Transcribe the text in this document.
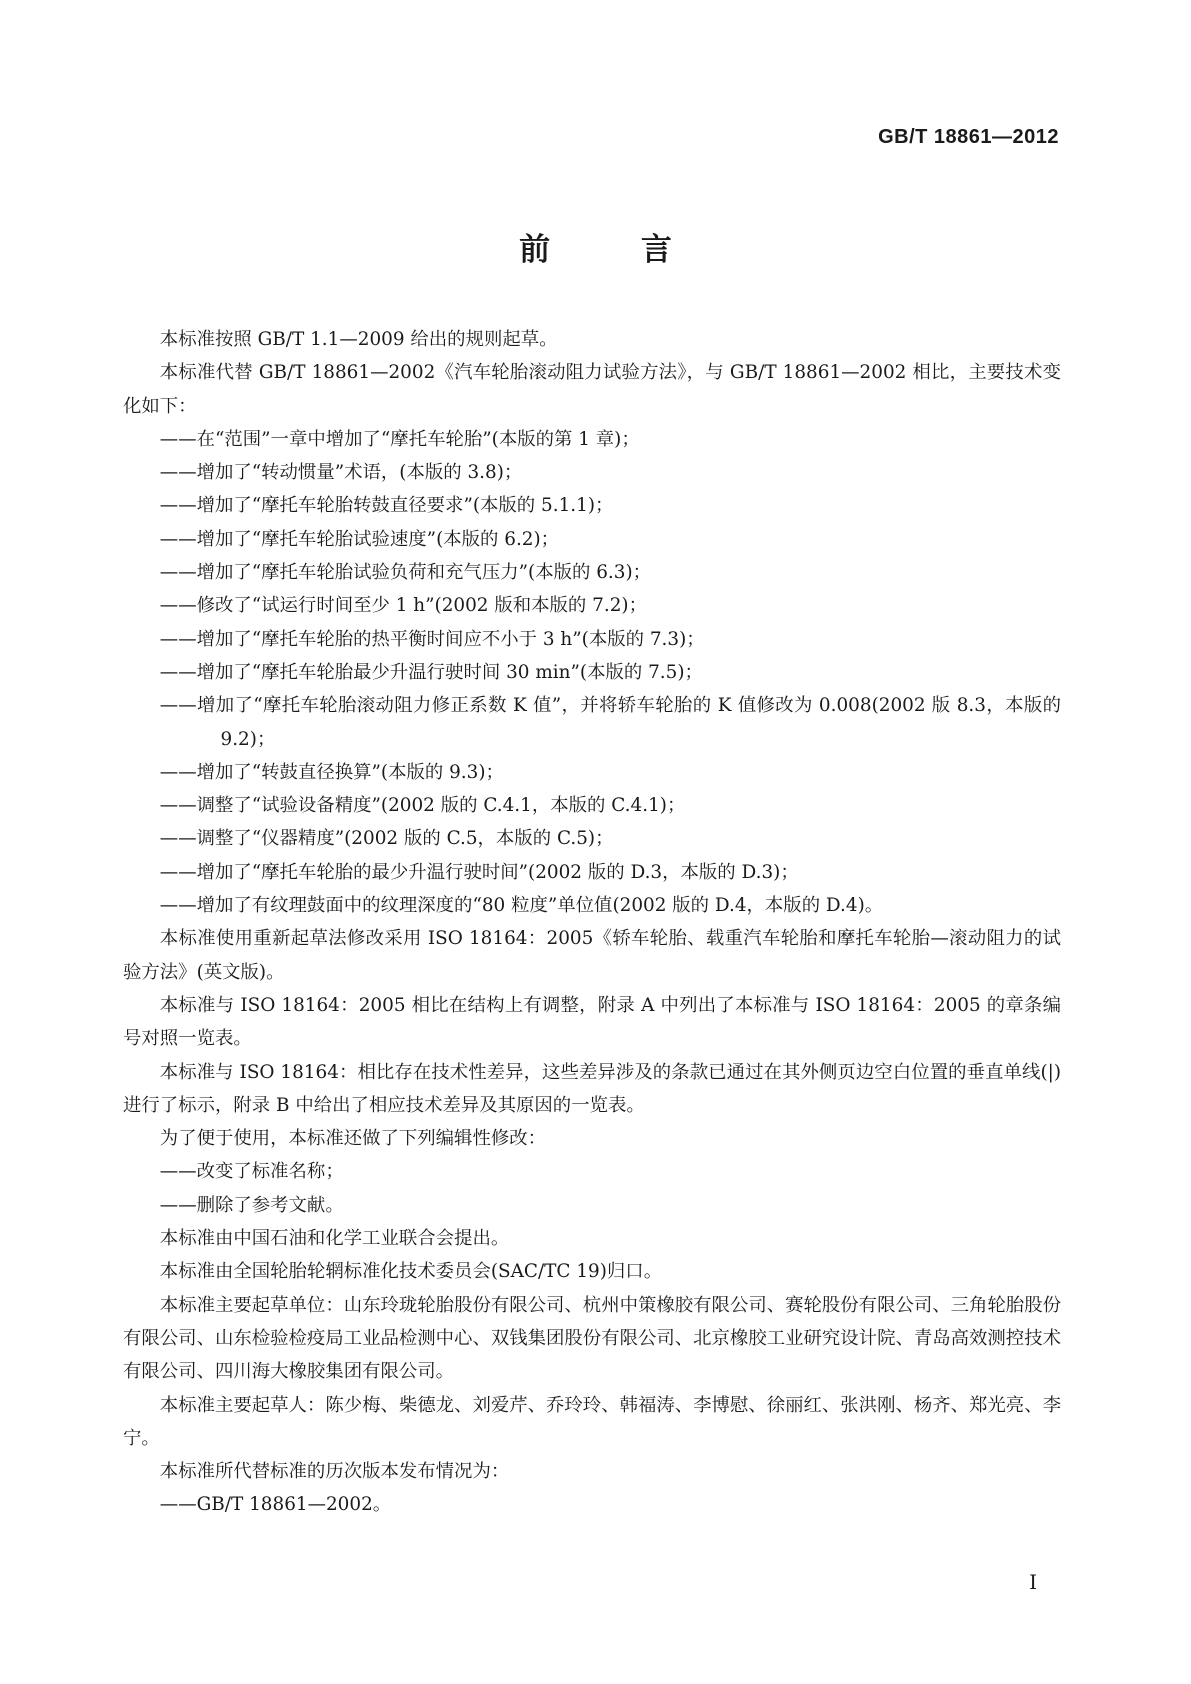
GB/T 18861—2012
前 言

本标准按照 GB/T 1.1—2009 给出的规则起草。

本标准代替 GB/T 18861—2002《汽车轮胎滚动阻力试验方法》，与 GB/T 18861—2002 相比，主要技术变化如下：

——在“范围”一章中增加了“摩托车轮胎”(本版的第 1 章)；

——增加了“转动惯量”术语，(本版的 3.8)；

——增加了“摩托车轮胎转鼓直径要求”(本版的 5.1.1)；

——增加了“摩托车轮胎试验速度”(本版的 6.2)；

——增加了“摩托车轮胎试验负荷和充气压力”(本版的 6.3)；

——修改了“试运行时间至少 1 h”(2002 版和本版的 7.2)；

——增加了“摩托车轮胎的热平衡时间应不小于 3 h”(本版的 7.3)；

——增加了“摩托车轮胎最少升温行驶时间 30 min”(本版的 7.5)；

——增加了“摩托车轮胎滚动阻力修正系数 K 值”，并将轿车轮胎的 K 值修改为 0.008(2002 版 8.3，本版的 9.2)；

——增加了“转鼓直径换算”(本版的 9.3)；

——调整了“试验设备精度”(2002 版的 C.4.1，本版的 C.4.1)；

——调整了“仪器精度”(2002 版的 C.5，本版的 C.5)；

——增加了“摩托车轮胎的最少升温行驶时间”(2002 版的 D.3，本版的 D.3)；

——增加了有纹理鼓面中的纹理深度的“80 粒度”单位值(2002 版的 D.4，本版的 D.4)。

本标准使用重新起草法修改采用 ISO 18164：2005《轿车轮胎、载重汽车轮胎和摩托车轮胎—滚动阻力的试验方法》(英文版)。

本标准与 ISO 18164：2005 相比在结构上有调整，附录 A 中列出了本标准与 ISO 18164：2005 的章条编号对照一览表。

本标准与 ISO 18164：相比存在技术性差异，这些差异涉及的条款已通过在其外侧页边空白位置的垂直单线(|)进行了标示，附录 B 中给出了相应技术差异及其原因的一览表。

为了便于使用，本标准还做了下列编辑性修改：

——改变了标准名称；

——删除了参考文献。

本标准由中国石油和化学工业联合会提出。

本标准由全国轮胎轮辋标准化技术委员会(SAC/TC 19)归口。

本标准主要起草单位：山东玲珑轮胎股份有限公司、杭州中策橡胶有限公司、赛轮股份有限公司、三角轮胎股份有限公司、山东检验检疫局工业品检测中心、双钱集团股份有限公司、北京橡胶工业研究设计院、青岛高效测控技术有限公司、四川海大橡胶集团有限公司。

本标准主要起草人：陈少梅、柴德龙、刘爱芹、乔玲玲、韩福涛、李博慰、徐丽红、张洪刚、杨齐、郑光亮、李宁。

本标准所代替标准的历次版本发布情况为：

——GB/T 18861—2002。

I
